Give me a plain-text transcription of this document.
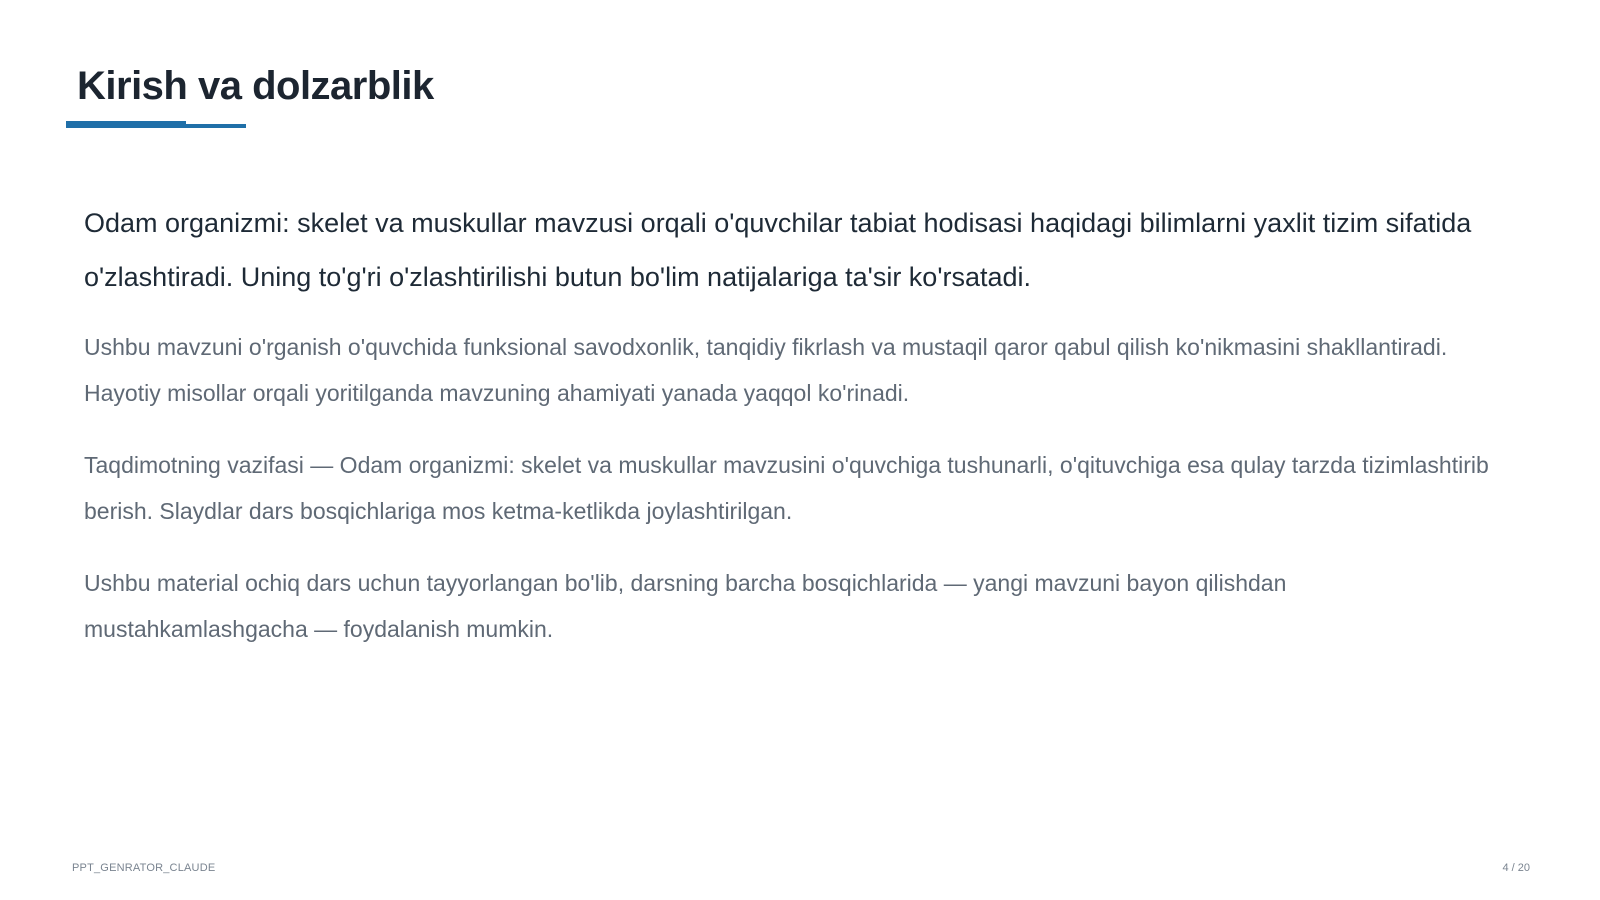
Kirish va dolzarblik

Odam organizmi: skelet va muskullar mavzusi orqali o'quvchilar tabiat hodisasi haqidagi bilimlarni yaxlit tizim sifatida o'zlashtiradi. Uning to'g'ri o'zlashtirilishi butun bo'lim natijalariga ta'sir ko'rsatadi.

Ushbu mavzuni o'rganish o'quvchida funksional savodxonlik, tanqidiy fikrlash va mustaqil qaror qabul qilish ko'nikmasini shakllantiradi. Hayotiy misollar orqali yoritilganda mavzuning ahamiyati yanada yaqqol ko'rinadi.

Taqdimotning vazifasi — Odam organizmi: skelet va muskullar mavzusini o'quvchiga tushunarli, o'qituvchiga esa qulay tarzda tizimlashtirib berish. Slaydlar dars bosqichlariga mos ketma-ketlikda joylashtirilgan.

Ushbu material ochiq dars uchun tayyorlangan bo'lib, darsning barcha bosqichlarida — yangi mavzuni bayon qilishdan mustahkamlashgacha — foydalanish mumkin.

PPT_GENRATOR_CLAUDE	4 / 20
